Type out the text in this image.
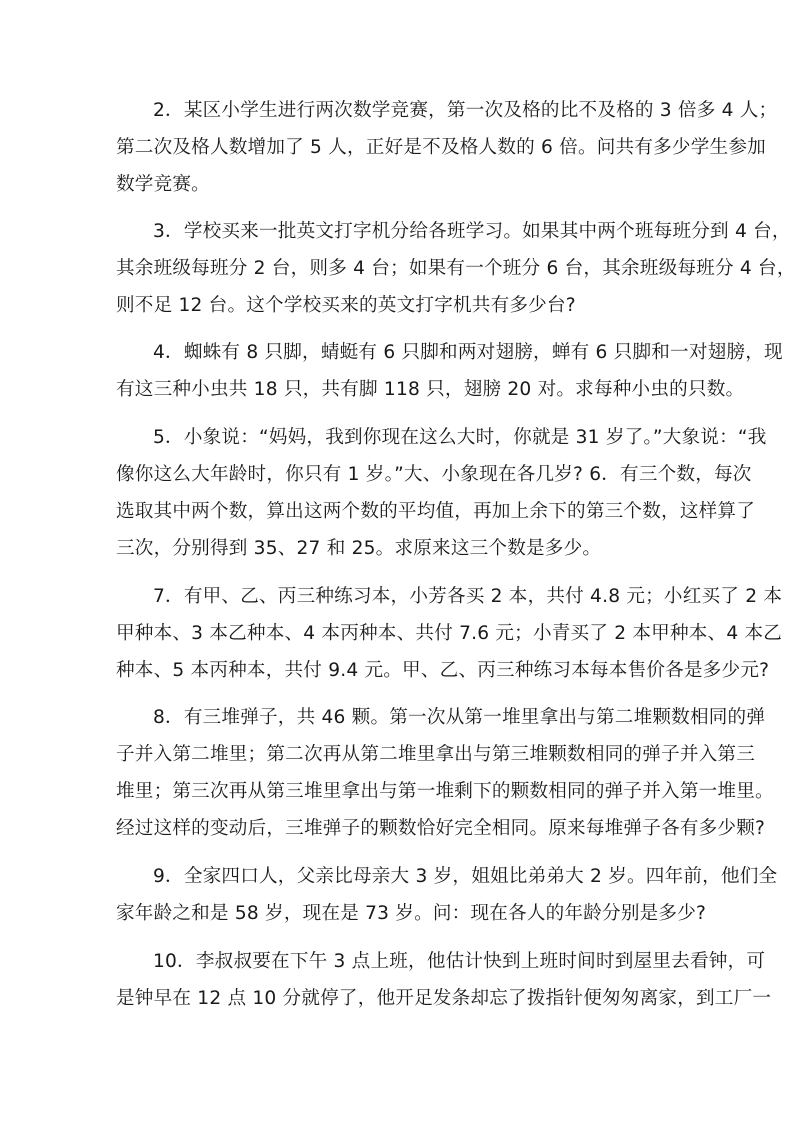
2．某区小学生进行两次数学竞赛，第一次及格的比不及格的 3 倍多 4 人；
第二次及格人数增加了 5 人，正好是不及格人数的 6 倍。问共有多少学生参加
数学竞赛。
3．学校买来一批英文打字机分给各班学习。如果其中两个班每班分到 4 台，
其余班级每班分 2 台，则多 4 台；如果有一个班分 6 台，其余班级每班分 4 台，
则不足 12 台。这个学校买来的英文打字机共有多少台?
4．蜘蛛有 8 只脚，蜻蜓有 6 只脚和两对翅膀，蝉有 6 只脚和一对翅膀，现
有这三种小虫共 18 只，共有脚 118 只，翅膀 20 对。求每种小虫的只数。
5．小象说：“妈妈，我到你现在这么大时，你就是 31 岁了。”大象说：“我
像你这么大年龄时，你只有 1 岁。”大、小象现在各几岁? 6．有三个数，每次
选取其中两个数，算出这两个数的平均值，再加上余下的第三个数，这样算了
三次，分别得到 35、27 和 25。求原来这三个数是多少。
7．有甲、乙、丙三种练习本，小芳各买 2 本，共付 4.8 元；小红买了 2 本
甲种本、3 本乙种本、4 本丙种本、共付 7.6 元；小青买了 2 本甲种本、4 本乙
种本、5 本丙种本，共付 9.4 元。甲、乙、丙三种练习本每本售价各是多少元?
8．有三堆弹子，共 46 颗。第一次从第一堆里拿出与第二堆颗数相同的弹
子并入第二堆里；第二次再从第二堆里拿出与第三堆颗数相同的弹子并入第三
堆里；第三次再从第三堆里拿出与第一堆剩下的颗数相同的弹子并入第一堆里。
经过这样的变动后，三堆弹子的颗数恰好完全相同。原来每堆弹子各有多少颗?
9．全家四口人，父亲比母亲大 3 岁，姐姐比弟弟大 2 岁。四年前，他们全
家年龄之和是 58 岁，现在是 73 岁。问：现在各人的年龄分别是多少?
10．李叔叔要在下午 3 点上班，他估计快到上班时间时到屋里去看钟，可
是钟早在 12 点 10 分就停了，他开足发条却忘了拨指针便匆匆离家，到工厂一
